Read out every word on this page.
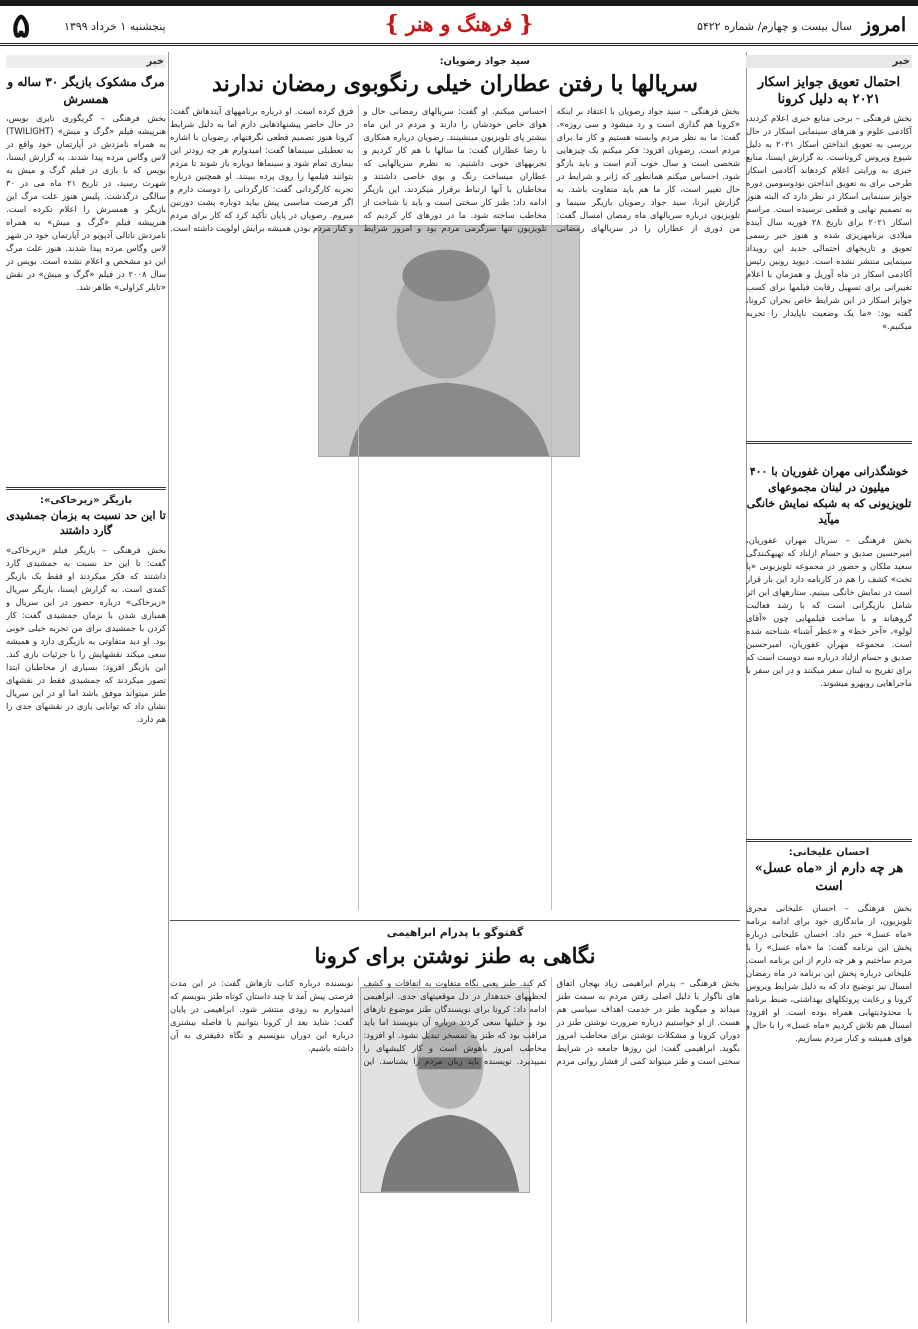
امروز
سال بیست و چهارم/ شماره ۵۴۲۲
{ فرهنگ و هنر }
پنجشنبه ۱ خرداد ۱۳۹۹
۵
خبر
احتمال تعویق جوایز اسکار ۲۰۲۱ به دلیل کرونا

بخش فرهنگی – برخی منابع خبری اعلام کردند، آکادمی علوم و هنرهای سینمایی اسکار در حال بررسی به تعویق انداختن اسکار ۲۰۲۱ به دلیل شیوع ویروس کروناست. به گزارش ایسنا، منابع خبری به ورایتی اعلام کردهاند آکادمی اسکار طرحی برای به تعویق انداختن نودوسومین دوره جوایز سینمایی اسکار در نظر دارد که البته هنوز به تصمیم نهایی و قطعی نرسیده است. مراسم اسکار ۲۰۲۱ برای تاریخ ۲۸ فوریه سال آینده میلادی برنامهریزی شده و هنوز خبر رسمی تعویق و تاریخهای احتمالی جدید این رویداد سینمایی منتشر نشده است. دیوید روبین رئیس آکادمی اسکار در ماه آوریل و همزمان با اعلام تغییراتی برای تسهیل رقابت فیلمها برای کسب جوایز اسکار در این شرایط خاص بحران کرونا، گفته بود: «ما یک وضعیت ناپایدار را تجربه میکنیم.»

خوشگذرانی مهران غفوریان با ۴۰۰ میلیون در لبنان مجموعهای تلویزیونی که به شبکه نمایش خانگی میآید

بخش فرهنگی – سریال مهران غفوریان، امیرحسین صدیق و حسام ازلناد که تهیهکنندگی سعید ملکان و حضور در مجموعه تلویزیونی «پا تخت» کشف را هم در کارنامه دارد این بار قرار است در نمایش خانگی ببینیم. ستارههای این اثر شامل بازیگرانی است که با رشد فعالیت گروهیاند و با ساخت فیلمهایی چون «آقای لولو»، «آخر خط» و «عطر آشنا» شناخته شده است. مجموعه مهران غفوریان، امیرحسین صدیق و حسام ازلناد درباره سه دوست است که برای تفریح به لبنان سفر میکنند و در این سفر با ماجراهایی روبهرو میشوند.

احسان علیخانی:
هر چه دارم از «ماه عسل» است

بخش فرهنگی – احسان علیخانی مجری تلویزیون، از ماندگاری خود برای ادامه برنامه «ماه عسل» خبر داد. احسان علیخانی درباره پخش این برنامه گفت: ما «ماه عسل» را با مردم ساختیم و هر چه دارم از این برنامه است. علیخانی درباره پخش این برنامه در ماه رمضان امسال نیز توضیح داد که به دلیل شرایط ویروس کرونا و رعایت پروتکلهای بهداشتی، ضبط برنامه با محدودیتهایی همراه بوده است. او افزود: امسال هم تلاش کردیم «ماه عسل» را با حال و هوای همیشه و کنار مردم بسازیم.

سید جواد رضویان:
سریالها با رفتن عطاران خیلی رنگوبوی رمضان ندارند

بخش فرهنگی – سید جواد رضویان با اعتقاد بر اینکه «کرونا هم گذاری است و رد میشود و سی روزه»، گفت: ما به نظر مردم وابسته هستیم و کار ما برای مردم است. رضویان افزود: فکر میکنم یک چیزهایی شخصی است و سال خوب آدم است و باید بازگو شود. احساس میکنم همانطور که ژانر و شرایط در حال تغییر است، کار ما هم باید متفاوت باشد. به گزارش ایرنا، سید جواد رضویان بازیگر سینما و تلویزیون درباره سریالهای ماه رمضان امسال گفت: من دوری از عطاران را در سریالهای رمضانی احساس میکنم. او گفت: سریالهای رمضانی حال و هوای خاص خودشان را دارند و مردم در این ماه بیشتر پای تلویزیون مینشینند. رضویان درباره همکاری با رضا عطاران گفت: ما سالها با هم کار کردیم و تجربههای خوبی داشتیم. به نظرم سریالهایی که عطاران میساخت رنگ و بوی خاصی داشتند و مخاطبان با آنها ارتباط برقرار میکردند. این بازیگر ادامه داد: طنز کار سختی است و باید با شناخت از مخاطب ساخته شود. ما در دورهای کار کردیم که تلویزیون تنها سرگرمی مردم بود و امروز شرایط فرق کرده است. او درباره برنامههای آیندهاش گفت: در حال حاضر پیشنهادهایی دارم اما به دلیل شرایط کرونا هنوز تصمیم قطعی نگرفتهام. رضویان با اشاره به تعطیلی سینماها گفت: امیدوارم هر چه زودتر این بیماری تمام شود و سینماها دوباره باز شوند تا مردم بتوانند فیلمها را روی پرده ببینند. او همچنین درباره تجربه کارگردانی گفت: کارگردانی را دوست دارم و اگر فرصت مناسبی پیش بیاید دوباره پشت دوربین میروم. رضویان در پایان تأکید کرد که کار برای مردم و کنار مردم بودن همیشه برایش اولویت داشته است.

گفتوگو با پدرام ابراهیمی
نگاهی به طنز نوشتن برای کرونا

بخش فرهنگی – پدرام ابراهیمی زیاد بهجان اتفاق های ناگوار با دلیل اصلی رفتن مردم به سمت طنز میداند و میگوید طنز در خدمت اهداف سیاسی هم هست. از او خواستیم درباره ضرورت نوشتن طنز در دوران کرونا و مشکلات نوشتن برای مخاطب امروز بگوید. ابراهیمی گفت: این روزها جامعه در شرایط سختی است و طنز میتواند کمی از فشار روانی مردم کم کند. طنز یعنی نگاه متفاوت به اتفاقات و کشف لحظههای خندهدار در دل موقعیتهای جدی. ابراهیمی ادامه داد: کرونا برای نویسندگان طنز موضوع تازهای بود و خیلیها سعی کردند درباره آن بنویسند اما باید مراقب بود که طنز به تمسخر تبدیل نشود. او افزود: مخاطب امروز باهوش است و کار کلیشهای را نمیپذیرد. نویسنده باید زبان مردم را بشناسد. این نویسنده درباره کتاب تازهاش گفت: در این مدت فرصتی پیش آمد تا چند داستان کوتاه طنز بنویسم که امیدوارم به زودی منتشر شود. ابراهیمی در پایان گفت: شاید بعد از کرونا بتوانیم با فاصله بیشتری درباره این دوران بنویسیم و نگاه دقیقتری به آن داشته باشیم.

خبر
مرگ مشکوک بازیگر ۳۰ ساله و همسرش

بخش فرهنگی – گریگوری تایری بویس، هنرپیشه فیلم «گرگ و میش» (TWILIGHT) به همراه نامزدش در آپارتمان خود واقع در لاس وگاس مرده پیدا شدند. به گزارش ایسنا، بویس که با بازی در فیلم گرگ و میش به شهرت رسید، در تاریخ ۲۱ ماه می در ۳۰ سالگی درگذشت. پلیس هنوز علت مرگ این بازیگر و همسرش را اعلام نکرده است. هنرپیشه فیلم «گرگ و میش» به همراه نامزدش ناتالی آدپویو در آپارتمان خود در شهر لاس وگاس مرده پیدا شدند. هنوز علت مرگ این دو مشخص و اعلام نشده است. بویس در سال ۲۰۰۸ در فیلم «گرگ و میش» در نقش «تایلر کراولی» ظاهر شد.

بازیگر «زیرخاکی»:
تا این حد نسبت به بزمان جمشیدی گارد داشتند

بخش فرهنگی – بازیگر فیلم «زیرخاکی» گفت: تا این حد نسبت به جمشیدی گارد داشتند که فکر میکردند او فقط یک بازیگر کمدی است. به گزارش ایسنا، بازیگر سریال «زیرخاکی» درباره حضور در این سریال و همبازی شدن با بزمان جمشیدی گفت: کار کردن با جمشیدی برای من تجربه خیلی خوبی بود. او دید متفاوتی به بازیگری دارد و همیشه سعی میکند نقشهایش را با جزئیات بازی کند. این بازیگر افزود: بسیاری از مخاطبان ابتدا تصور میکردند که جمشیدی فقط در نقشهای طنز میتواند موفق باشد اما او در این سریال نشان داد که توانایی بازی در نقشهای جدی را هم دارد.
